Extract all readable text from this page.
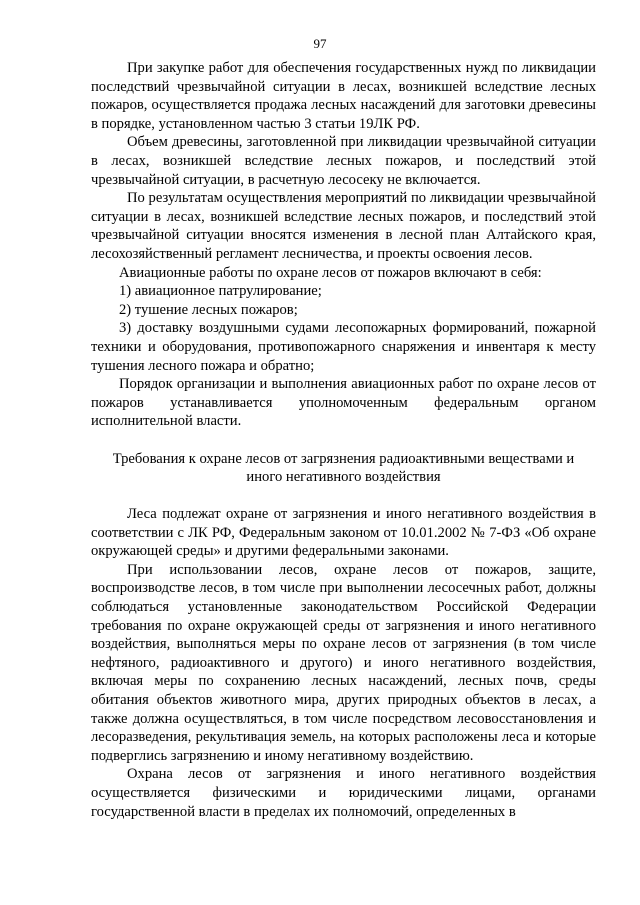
97

При закупке работ для обеспечения государственных нужд по ликвидации последствий чрезвычайной ситуации в лесах, возникшей вследствие лесных пожаров, осуществляется продажа лесных насаждений для заготовки древесины в порядке, установленном частью 3 статьи 19ЛК РФ.

Объем древесины, заготовленной при ликвидации чрезвычайной ситуации в лесах, возникшей вследствие лесных пожаров, и последствий этой чрезвычайной ситуации, в расчетную лесосеку не включается.

По результатам осуществления мероприятий по ликвидации чрезвычайной ситуации в лесах, возникшей вследствие лесных пожаров, и последствий этой чрезвычайной ситуации вносятся изменения в лесной план Алтайского края, лесохозяйственный регламент лесничества, и проекты освоения лесов.

Авиационные работы по охране лесов от пожаров включают в себя:

1) авиационное патрулирование;

2) тушение лесных пожаров;

3) доставку воздушными судами лесопожарных формирований, пожарной техники и оборудования, противопожарного снаряжения и инвентаря к месту тушения лесного пожара и обратно;

Порядок организации и выполнения авиационных работ по охране лесов от пожаров устанавливается уполномоченным федеральным органом исполнительной власти.

Требования к охране лесов от загрязнения радиоактивными веществами и
иного негативного воздействия

Леса подлежат охране от загрязнения и иного негативного воздействия в соответствии с ЛК РФ, Федеральным законом от 10.01.2002 № 7-ФЗ «Об охране окружающей среды» и другими федеральными законами.

При использовании лесов, охране лесов от пожаров, защите, воспроизводстве лесов, в том числе при выполнении лесосечных работ, должны соблюдаться установленные законодательством Российской Федерации требования по охране окружающей среды от загрязнения и иного негативного воздействия, выполняться меры по охране лесов от загрязнения (в том числе нефтяного, радиоактивного и другого) и иного негативного воздействия, включая меры по сохранению лесных насаждений, лесных почв, среды обитания объектов животного мира, других природных объектов в лесах, а также должна осуществляться, в том числе посредством лесовосстановления и лесоразведения, рекультивация земель, на которых расположены леса и которые подверглись загрязнению и иному негативному воздействию.

Охрана лесов от загрязнения и иного негативного воздействия осуществляется физическими и юридическими лицами, органами государственной власти в пределах их полномочий, определенных в
